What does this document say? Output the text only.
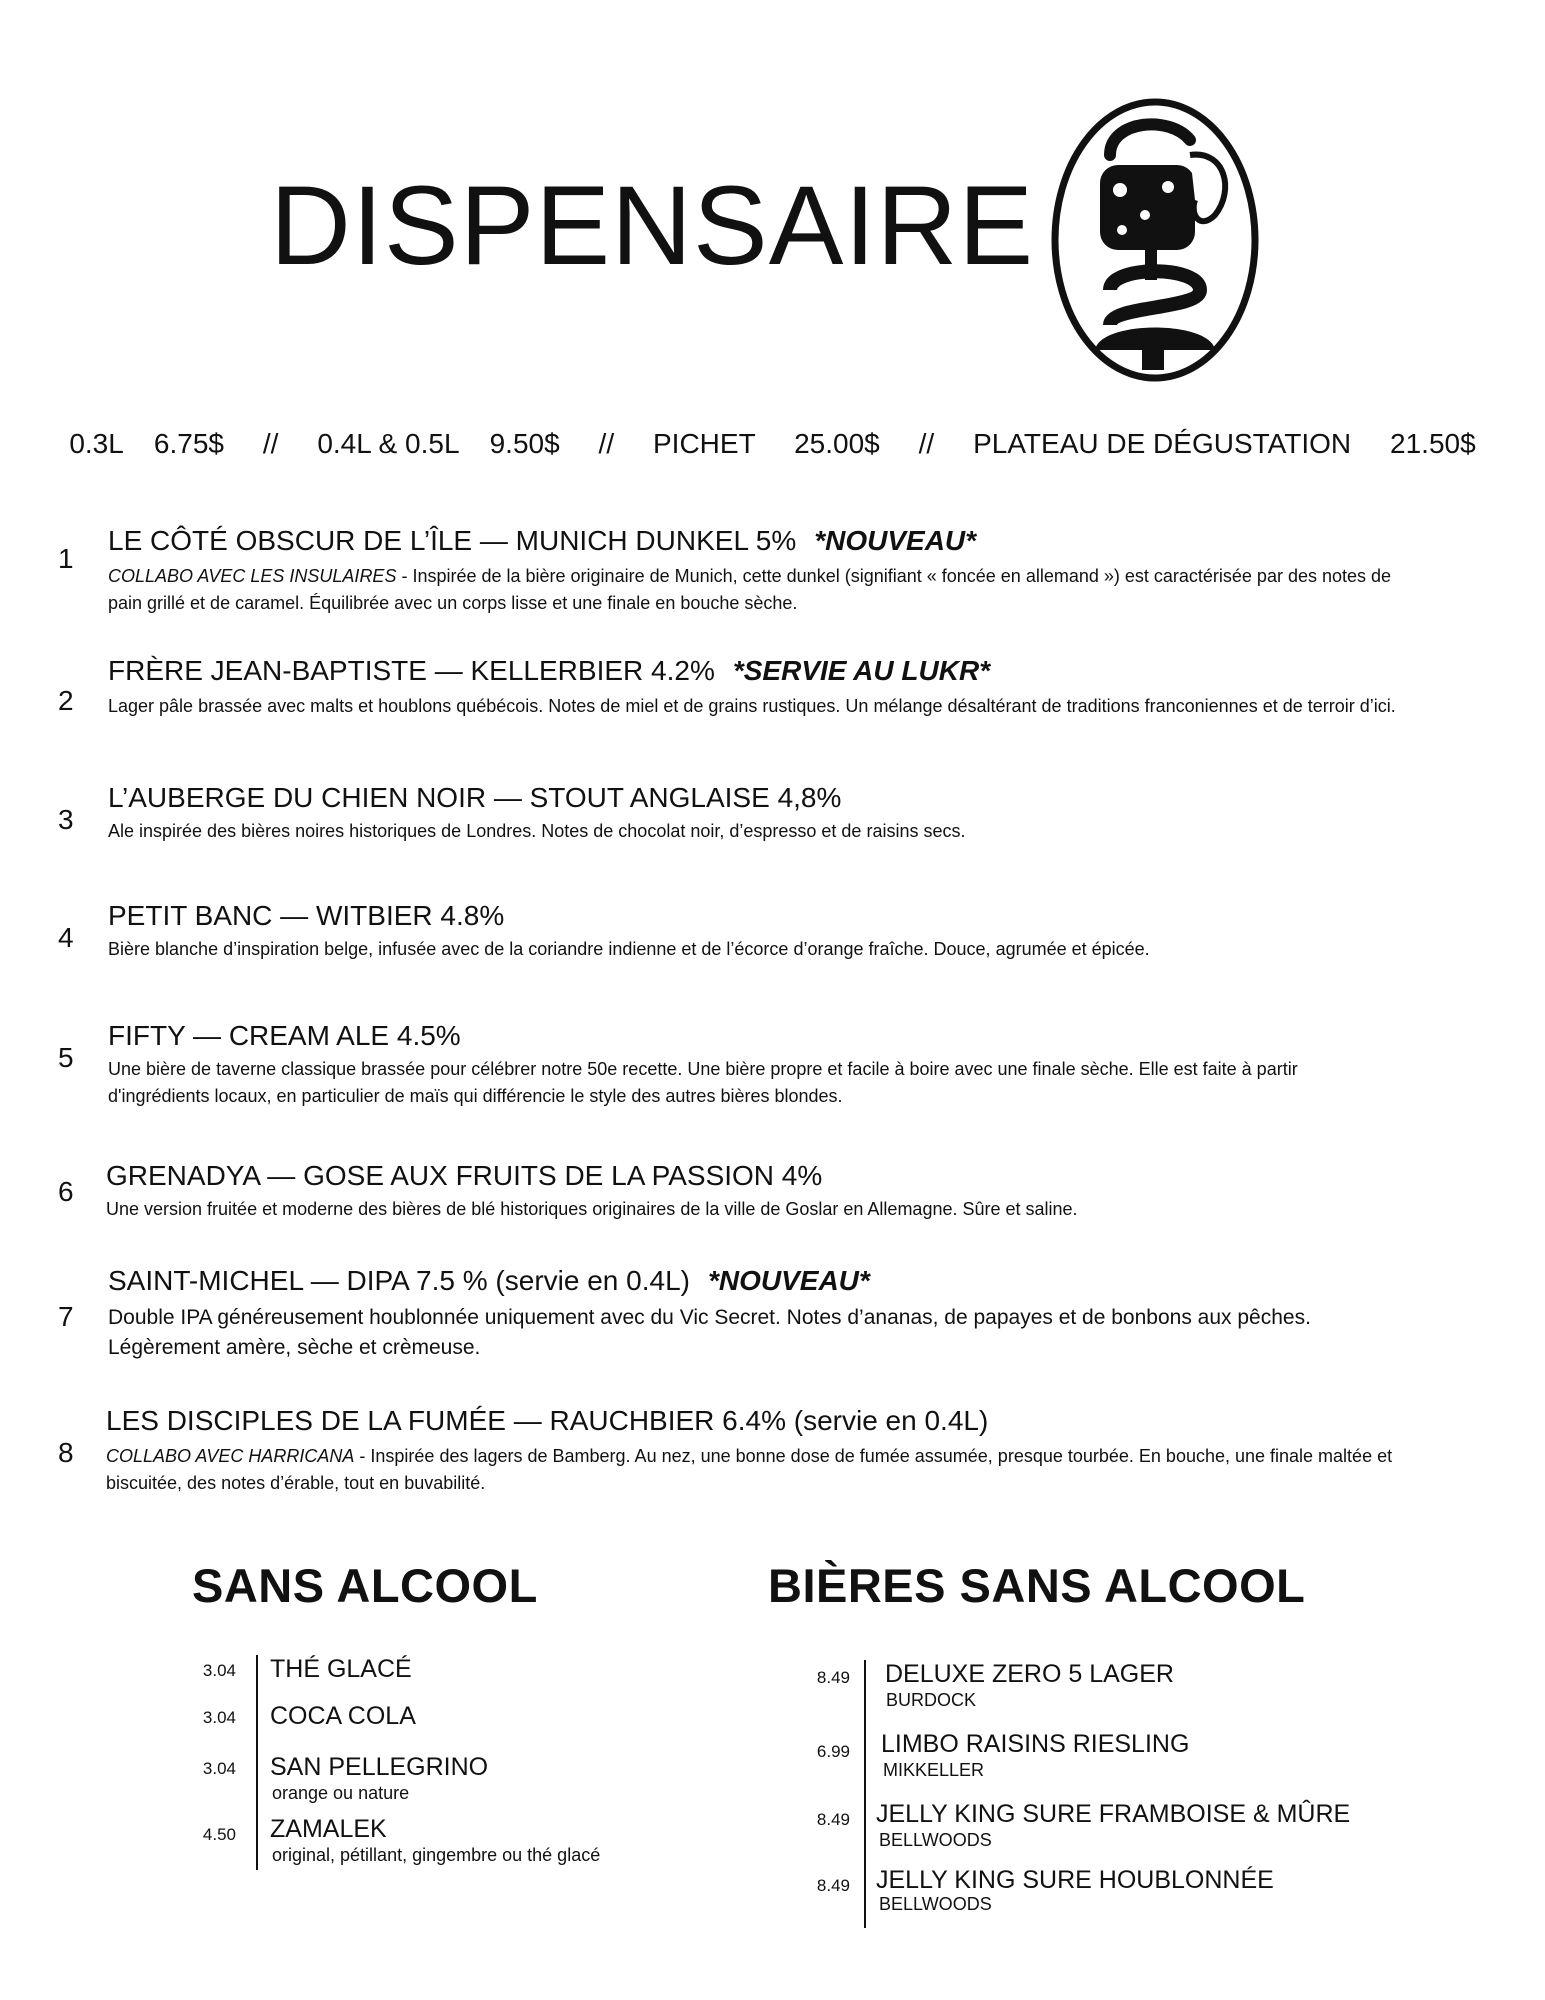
DISPENSAIRE
0.3L    6.75$     //     0.4L & 0.5L    9.50$     //     PICHET     25.00$     //     PLATEAU DE DÉGUSTATION     21.50$
1
LE CÔTÉ OBSCUR DE L’ÎLE — MUNICH DUNKEL 5% *NOUVEAU*
COLLABO AVEC LES INSULAIRES - Inspirée de la bière originaire de Munich, cette dunkel (signifiant « foncée en allemand ») est caractérisée par des notes de pain grillé et de caramel. Équilibrée avec un corps lisse et une finale en bouche sèche.
2
FRÈRE JEAN-BAPTISTE — KELLERBIER 4.2% *SERVIE AU LUKR*
Lager pâle brassée avec malts et houblons québécois. Notes de miel et de grains rustiques. Un mélange désaltérant de traditions franconiennes et de terroir d’ici.
3
L’AUBERGE DU CHIEN NOIR — STOUT ANGLAISE 4,8%
Ale inspirée des bières noires historiques de Londres. Notes de chocolat noir, d’espresso et de raisins secs.
4
PETIT BANC — WITBIER 4.8%
Bière blanche d’inspiration belge, infusée avec de la coriandre indienne et de l’écorce d’orange fraîche. Douce, agrumée et épicée.
5
FIFTY — CREAM ALE 4.5%
Une bière de taverne classique brassée pour célébrer notre 50e recette. Une bière propre et facile à boire avec une finale sèche. Elle est faite à partir d'ingrédients locaux, en particulier de maïs qui différencie le style des autres bières blondes.
6
GRENADYA — GOSE AUX FRUITS DE LA PASSION 4%
Une version fruitée et moderne des bières de blé historiques originaires de la ville de Goslar en Allemagne. Sûre et saline.
7
SAINT-MICHEL — DIPA 7.5 % (servie en 0.4L) *NOUVEAU*
Double IPA généreusement houblonnée uniquement avec du Vic Secret. Notes d’ananas, de papayes et de bonbons aux pêches. Légèrement amère, sèche et crèmeuse.
8
LES DISCIPLES DE LA FUMÉE — RAUCHBIER 6.4% (servie en 0.4L)
COLLABO AVEC HARRICANA - Inspirée des lagers de Bamberg. Au nez, une bonne dose de fumée assumée, presque tourbée. En bouche, une finale maltée et biscuitée, des notes d’érable, tout en buvabilité.
SANS ALCOOL
3.04 THÉ GLACÉ
3.04 COCA COLA
3.04 SAN PELLEGRINO
orange ou nature
4.50 ZAMALEK
original, pétillant, gingembre ou thé glacé
BIÈRES SANS ALCOOL
8.49 DELUXE ZERO 5 LAGER
BURDOCK
6.99 LIMBO RAISINS RIESLING
MIKKELLER
8.49 JELLY KING SURE FRAMBOISE & MÛRE
BELLWOODS
8.49 JELLY KING SURE HOUBLONNÉE
BELLWOODS
